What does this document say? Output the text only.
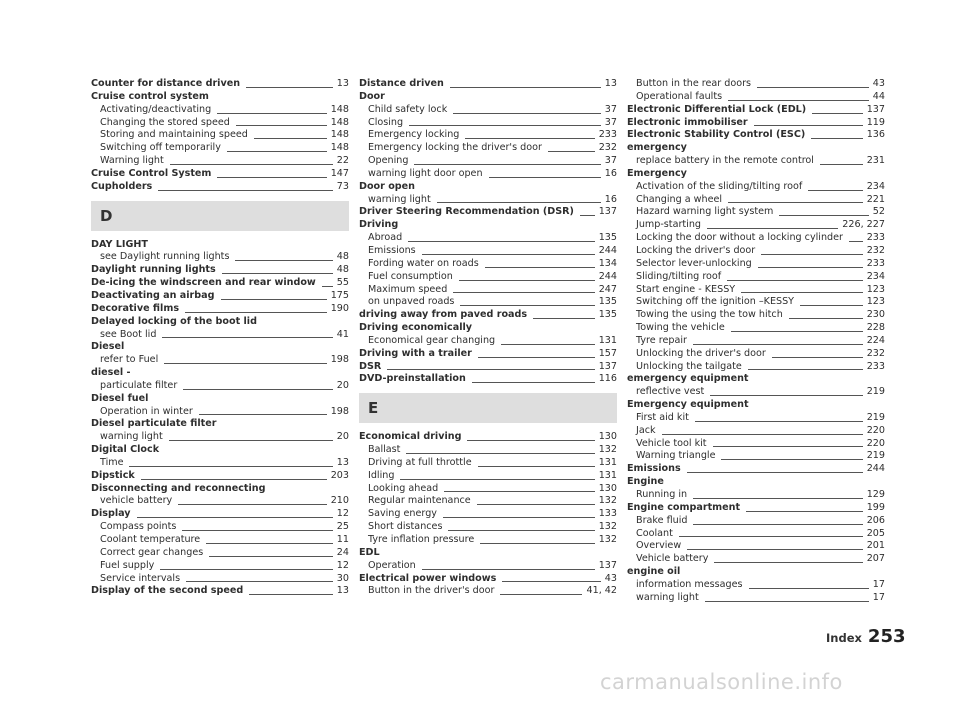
Counter for distance driven	13
Cruise control system
Activating/deactivating	148
Changing the stored speed	148
Storing and maintaining speed	148
Switching off temporarily	148
Warning light	22
Cruise Control System	147
Cupholders	73
D
DAY LIGHT
see Daylight running lights	48
Daylight running lights	48
De-icing the windscreen and rear window 55
Deactivating an airbag	175
Decorative films	190
Delayed locking of the boot lid
see Boot lid	41
Diesel
refer to Fuel	198
diesel -
particulate filter	20
Diesel fuel
Operation in winter	198
Diesel particulate filter
warning light	20
Digital Clock
Time	13
Dipstick	203
Disconnecting and reconnecting
vehicle battery	210
Display	12
Compass points	25
Coolant temperature	11
Correct gear changes	24
Fuel supply	12
Service intervals	30
Display of the second speed	13
Distance driven	13
Door
Child safety lock	37
Closing	37
Emergency locking	233
Emergency locking the driver's door	232
Opening	37
warning light door open	16
Door open
warning light	16
Driver Steering Recommendation (DSR)	137
Driving
Abroad	135
Emissions	244
Fording water on roads	134
Fuel consumption	244
Maximum speed	247
on unpaved roads	135
driving away from paved roads	135
Driving economically
Economical gear changing	131
Driving with a trailer	157
DSR	137
DVD-preinstallation	116
E
Economical driving	130
Ballast	132
Driving at full throttle	131
Idling	131
Looking ahead	130
Regular maintenance	132
Saving energy	133
Short distances	132
Tyre inflation pressure	132
EDL
Operation	137
Electrical power windows	43
Button in the driver's door	41, 42
Button in the rear doors	43
Operational faults	44
Electronic Differential Lock (EDL)	137
Electronic immobiliser	119
Electronic Stability Control (ESC)	136
emergency
replace battery in the remote control	231
Emergency
Activation of the sliding/tilting roof	234
Changing a wheel	221
Hazard warning light system	52
Jump-starting	226, 227
Locking the door without a locking cylinder 233
Locking the driver's door	232
Selector lever-unlocking	233
Sliding/tilting roof	234
Start engine - KESSY	123
Switching off the ignition –KESSY	123
Towing the using the tow hitch	230
Towing the vehicle	228
Tyre repair	224
Unlocking the driver's door	232
Unlocking the tailgate	233
emergency equipment
reflective vest	219
Emergency equipment
First aid kit	219
Jack	220
Vehicle tool kit	220
Warning triangle	219
Emissions	244
Engine
Running in	129
Engine compartment	199
Brake fluid	206
Coolant	205
Overview	201
Vehicle battery	207
engine oil
information messages	17
warning light	17
Index 253
carmanualsonline.info
